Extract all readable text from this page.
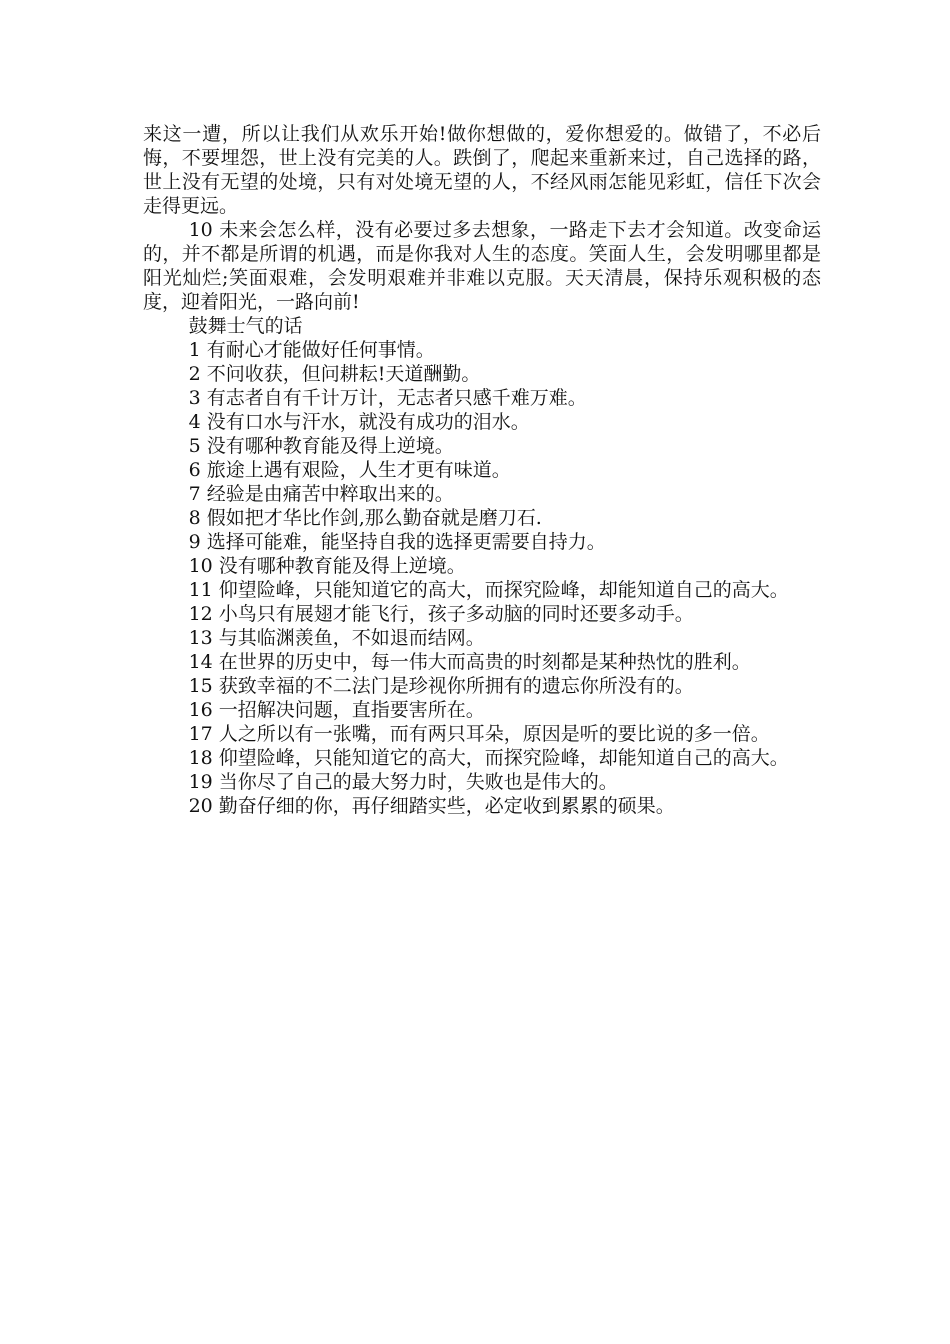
来这一遭，所以让我们从欢乐开始!做你想做的，爱你想爱的。做错了，不必后悔，不要埋怨，世上没有完美的人。跌倒了，爬起来重新来过，自己选择的路，世上没有无望的处境，只有对处境无望的人，不经风雨怎能见彩虹，信任下次会走得更远。

10 未来会怎么样，没有必要过多去想象，一路走下去才会知道。改变命运的，并不都是所谓的机遇，而是你我对人生的态度。笑面人生，会发明哪里都是阳光灿烂;笑面艰难，会发明艰难并非难以克服。天天清晨，保持乐观积极的态度，迎着阳光，一路向前!

鼓舞士气的话

1 有耐心才能做好任何事情。

2 不问收获，但问耕耘!天道酬勤。

3 有志者自有千计万计，无志者只感千难万难。

4 没有口水与汗水，就没有成功的泪水。

5 没有哪种教育能及得上逆境。

6 旅途上遇有艰险，人生才更有味道。

7 经验是由痛苦中粹取出来的。

8 假如把才华比作剑,那么勤奋就是磨刀石.

9 选择可能难，能坚持自我的选择更需要自持力。

10 没有哪种教育能及得上逆境。

11 仰望险峰，只能知道它的高大，而探究险峰，却能知道自己的高大。

12 小鸟只有展翅才能飞行，孩子多动脑的同时还要多动手。

13 与其临渊羡鱼，不如退而结网。

14 在世界的历史中，每一伟大而高贵的时刻都是某种热忱的胜利。

15 获致幸福的不二法门是珍视你所拥有的遗忘你所没有的。

16 一招解决问题，直指要害所在。

17 人之所以有一张嘴，而有两只耳朵，原因是听的要比说的多一倍。

18 仰望险峰，只能知道它的高大，而探究险峰，却能知道自己的高大。

19 当你尽了自己的最大努力时，失败也是伟大的。

20 勤奋仔细的你，再仔细踏实些，必定收到累累的硕果。
